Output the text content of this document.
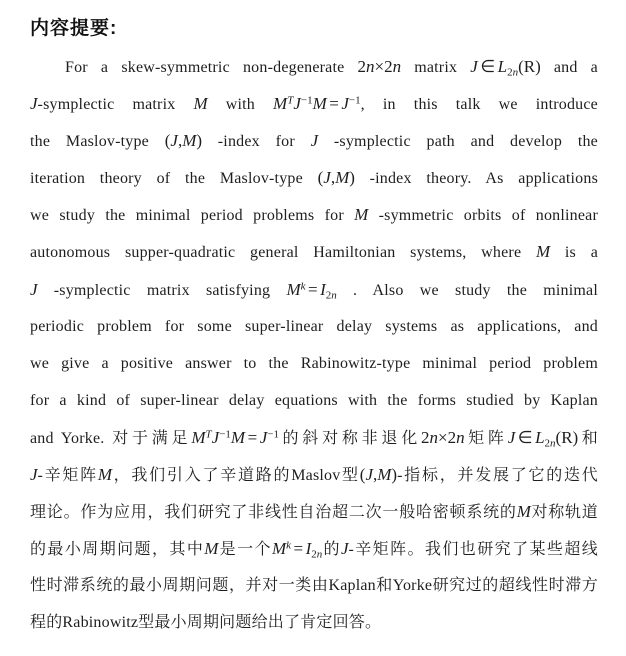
内容提要:
For a skew-symmetric non-degenerate 2n×2n matrix J ∈ $L_{2n}(R)$ and a
J-symplectic matrix M with $M^TJ^{-1}M = J^{-1}$, in this talk we introduce
the Maslov-type (J,M) -index for J -symplectic path and develop the
iteration theory of the Maslov-type (J,M) -index theory. As applications
we study the minimal period problems for M -symmetric orbits of nonlinear
autonomous supper-quadratic general Hamiltonian systems, where M is a
J -symplectic matrix satisfying $M^k = I_{2n}$ . Also we study the minimal
periodic problem for some super-linear delay systems as applications, and
we give a positive answer to the Rabinowitz-type minimal period problem
for a kind of super-linear delay equations with the forms studied by Kaplan
and Yorke. 对于满足$M^TJ^{-1}M = J^{-1}$的斜对称非退化2n×2n矩阵J ∈ $L_{2n}(R)$和
J-辛矩阵M，我们引入了辛道路的Maslov型(J,M)-指标，并发展了它的迭代
理论。作为应用，我们研究了非线性自治超二次一般哈密顿系统的M对称轨道
的最小周期问题，其中M是一个$M^k = I_{2n}$的J-辛矩阵。我们也研究了某些超线
性时滞系统的最小周期问题，并对一类由Kaplan和Yorke研究过的超线性时滞方
程的Rabinowitz型最小周期问题给出了肯定回答。
